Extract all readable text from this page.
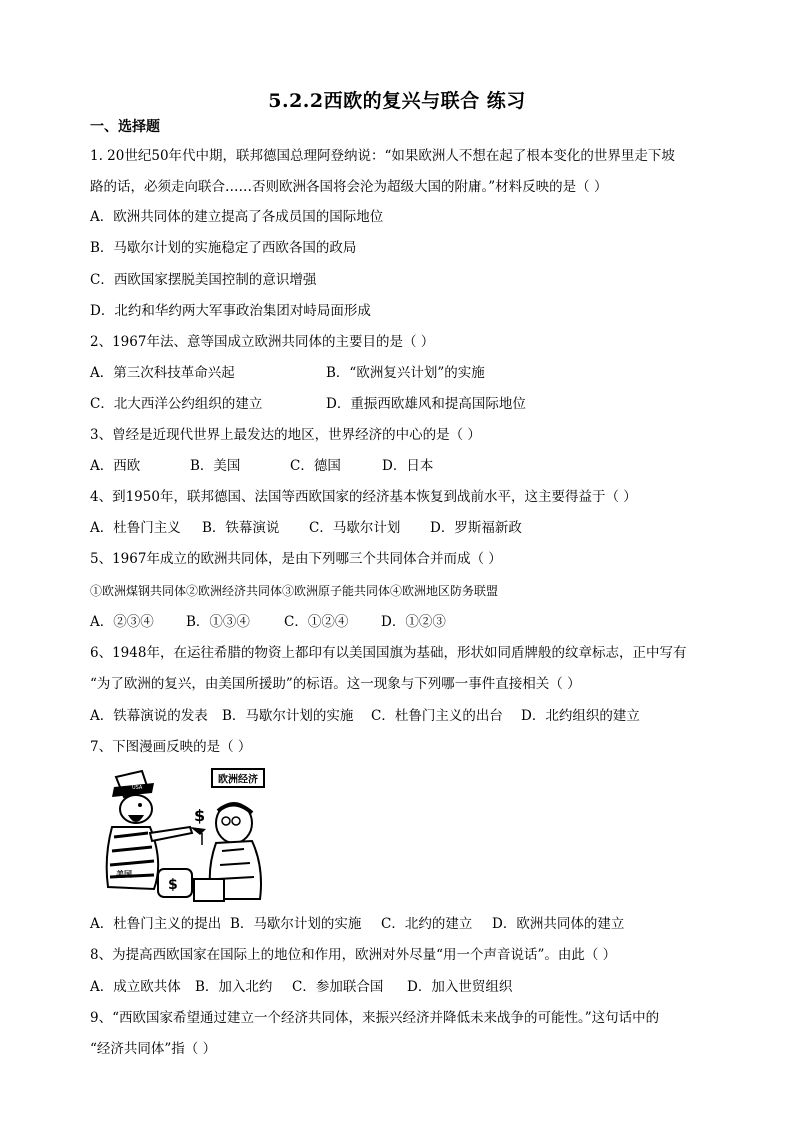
5.2.2西欧的复兴与联合 练习
一、选择题
1. 20世纪50年代中期，联邦德国总理阿登纳说：“如果欧洲人不想在起了根本变化的世界里走下坡
路的话，必须走向联合……否则欧洲各国将会沦为超级大国的附庸。”材料反映的是（ ）
A．欧洲共同体的建立提高了各成员国的国际地位
B．马歇尔计划的实施稳定了西欧各国的政局
C．西欧国家摆脱美国控制的意识增强
D．北约和华约两大军事政治集团对峙局面形成
2、1967年法、意等国成立欧洲共同体的主要目的是（ ）
A．第三次科技革命兴起	B．“欧洲复兴计划”的实施
C．北大西洋公约组织的建立	D．重振西欧雄风和提高国际地位
3、曾经是近现代世界上最发达的地区，世界经济的中心的是（ ）
A．西欧	B．美国	C．德国	D．日本
4、到1950年，联邦德国、法国等西欧国家的经济基本恢复到战前水平，这主要得益于（ ）
A．杜鲁门主义 B．铁幕演说 C．马歇尔计划 D．罗斯福新政
5、1967年成立的欧洲共同体，是由下列哪三个共同体合并而成（ ）
①欧洲煤钢共同体②欧洲经济共同体③欧洲原子能共同体④欧洲地区防务联盟
A．②③④ B．①③④	C．①②④ D．①②③
6、1948年，在运往希腊的物资上都印有以美国国旗为基础，形状如同盾牌般的纹章标志，正中写有
“为了欧洲的复兴，由美国所援助”的标语。这一现象与下列哪一事件直接相关（ ）
A．铁幕演说的发表 B．马歇尔计划的实施 C．杜鲁门主义的出台 D．北约组织的建立
7、下图漫画反映的是（ ）
欧洲经济
USA
美国
$
$
A．杜鲁门主义的提出 B．马歇尔计划的实施 C．北约的建立 D．欧洲共同体的建立
8、为提高西欧国家在国际上的地位和作用，欧洲对外尽量“用一个声音说话”。由此（ ）
A．成立欧共体 B．加入北约 C．参加联合国 D．加入世贸组织
9、“西欧国家希望通过建立一个经济共同体，来振兴经济并降低未来战争的可能性。”这句话中的
“经济共同体”指（ ）
